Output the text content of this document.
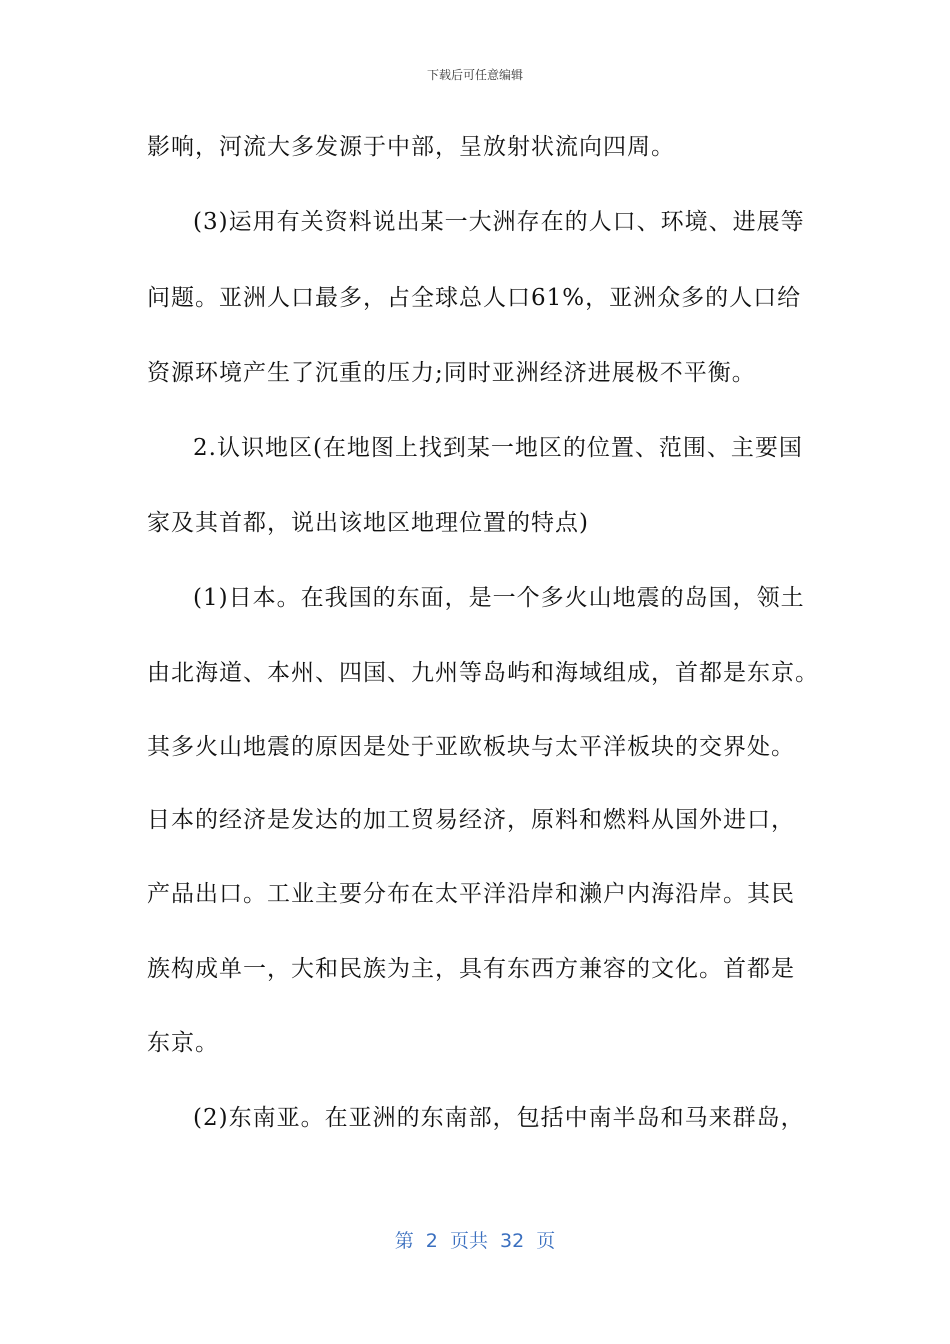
下载后可任意编辑
影响，河流大多发源于中部，呈放射状流向四周。
(3)运用有关资料说出某一大洲存在的人口、环境、进展等
问题。亚洲人口最多，占全球总人口61%，亚洲众多的人口给
资源环境产生了沉重的压力;同时亚洲经济进展极不平衡。
2.认识地区(在地图上找到某一地区的位置、范围、主要国
家及其首都，说出该地区地理位置的特点)
(1)日本。在我国的东面，是一个多火山地震的岛国，领土
由北海道、本州、四国、九州等岛屿和海域组成，首都是东京。
其多火山地震的原因是处于亚欧板块与太平洋板块的交界处。
日本的经济是发达的加工贸易经济，原料和燃料从国外进口，
产品出口。工业主要分布在太平洋沿岸和濑户内海沿岸。其民
族构成单一，大和民族为主，具有东西方兼容的文化。首都是
东京。
(2)东南亚。在亚洲的东南部，包括中南半岛和马来群岛，
第  2  页共  32  页
